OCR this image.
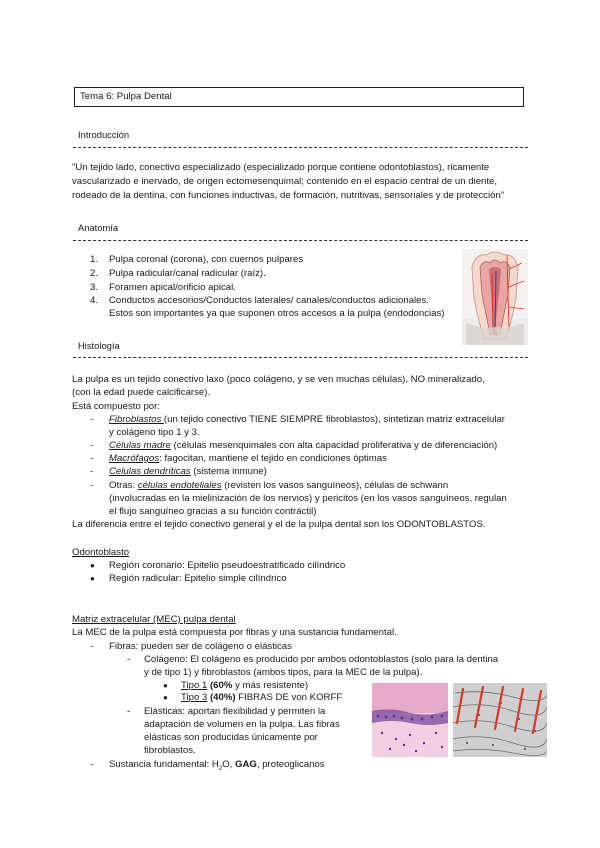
Tema 6: Pulpa Dental
Introducción
"Un tejido lado, conectivo especializado (especializado porque contiene odontoblastos), ricamente
vascularizado e inervado, de origen ectomesenquimal; contenido en el espacio central de un diente,
rodeado de la dentina, con funciones inductivas, de formación, nutritivas, sensoriales y de protección"
Anatomía
1. Pulpa coronal (corona), con cuernos pulpares
2. Pulpa radicular/canal radicular (raíz).
3. Foramen apical/orificio apical.
4. Conductos accesorios/Conductos laterales/ canales/conductos adicionales.
Estos son importantes ya que suponen otros accesos a la pulpa (endodoncias)
Histología
La pulpa es un tejido conectivo laxo (poco colágeno, y se ven muchas células), NO mineralizado,
(con la edad puede calcificarse).
Está compuesto por:
- Fibroblastos (un tejido conectivo TIENE SIEMPRE fibroblastos), sintetizan matriz extracelular
y colágeno tipo 1 y 3.
- Células madre (células mesenquimales con alta capacidad proliferativa y de diferenciación)
- Macrófagos: fagocitan, mantiene el tejido en condiciones óptimas
- Celulas dendríticas (sistema inmune)
- Otras: células endoteliales (revisten los vasos sanguíneos), células de schwann
(involucradas en la mielinización de los nervios) y pericitos (en los vasos sanguíneos, regulan
el flujo sanguíneo gracias a su función contráctil)
La diferencia entre el tejido conectivo general y el de la pulpa dental son los ODONTOBLASTOS.
Odontoblasto
● Región coronario: Epitelio pseudoestratificado cilíndrico
● Región radicular: Epitelio simple cilíndrico
Matriz extracelular (MEC) pulpa dental
La MEC de la pulpa está compuesta por fibras y una sustancia fundamental.
- Fibras: pueden ser de colágeno o elásticas
- Colágeno: El colágeno es producido por ambos odontoblastos (solo para la dentina
y de tipo 1) y fibroblastos (ambos tipos, para la MEC de la pulpa).
● Tipo 1 (60% y más resistente)
● Tipo 3 (40%) FIBRAS DE von KORFF
- Elásticas: aportan flexibilidad y permiten la
adaptación de volumen en la pulpa. Las fibras
elásticas son producidas únicamente por
fibroblastos.
- Sustancia fundamental: $H_2O$, GAG, proteoglicanos
